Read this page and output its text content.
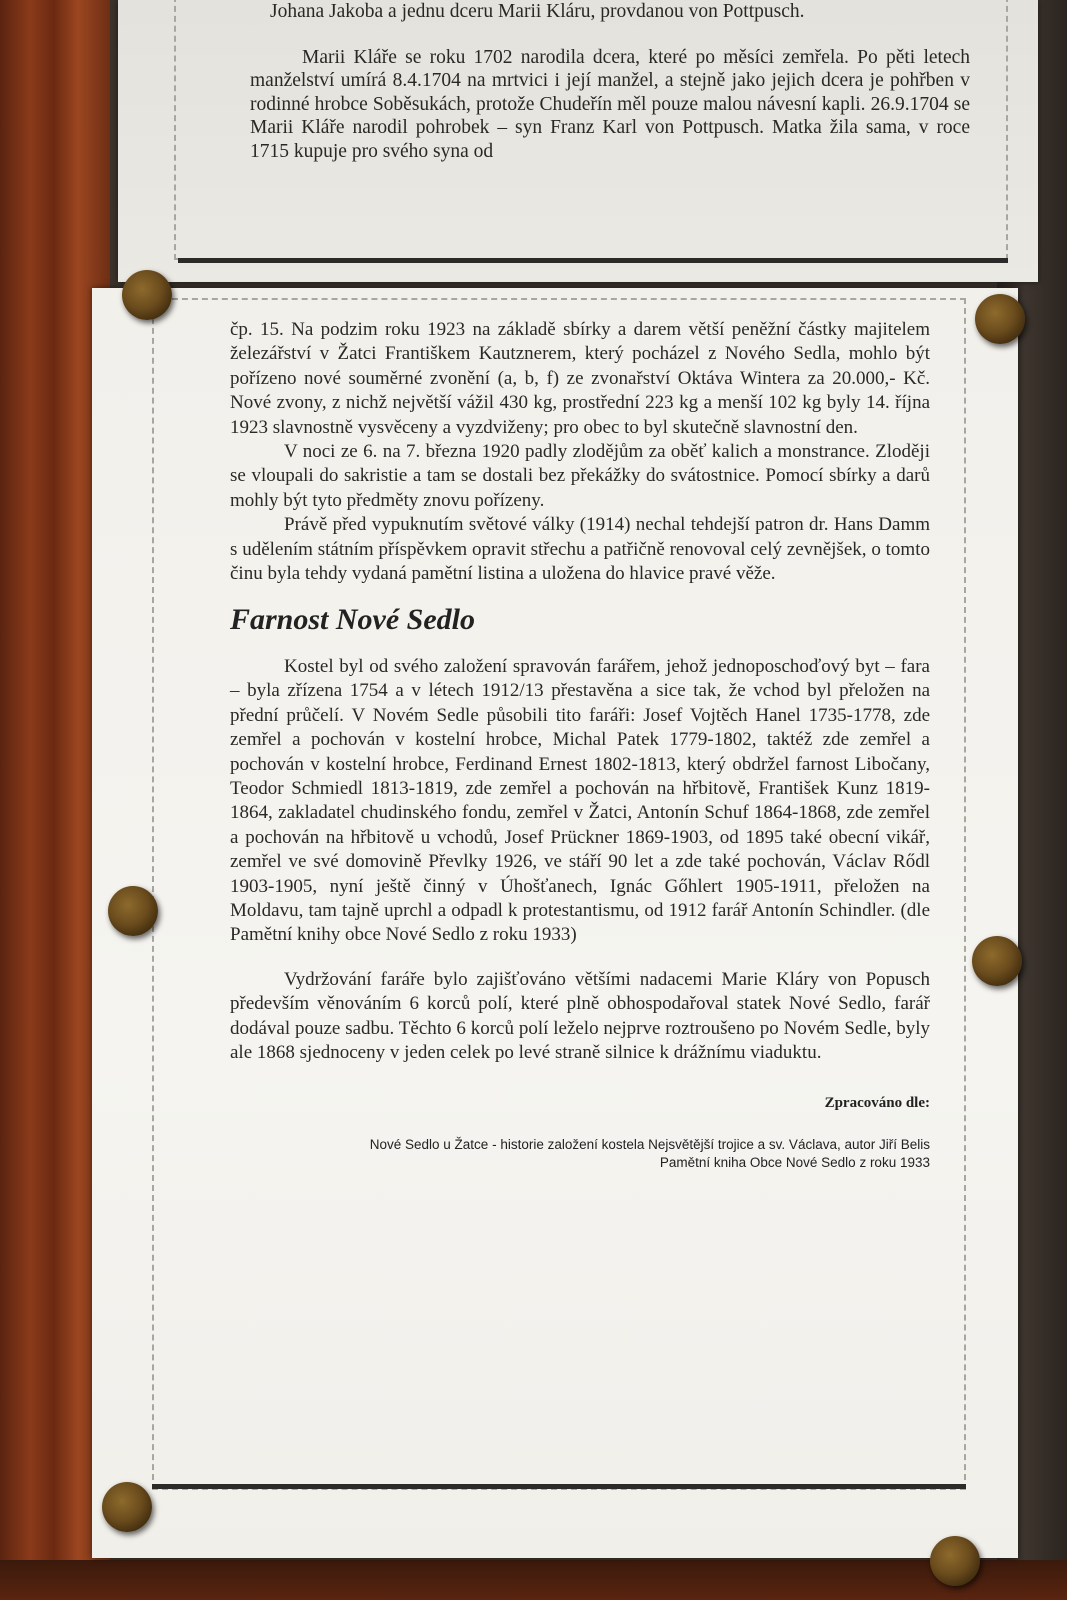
Johana Jakoba a jednu dceru Marii Kláru, provdanou von Pottpusch.

Marii Kláře se roku 1702 narodila dcera, které po měsíci zemřela. Po pěti letech manželství umírá 8.4.1704 na mrtvici i její manžel, a stejně jako jejich dcera je pohřben v rodinné hrobce Soběsukách, protože Chudeřín měl pouze malou návesní kapli. 26.9.1704 se Marii Kláře narodil pohrobek – syn Franz Karl von Pottpusch. Matka žila sama, v roce 1715 kupuje pro svého syna od

čp. 15. Na podzim roku 1923 na základě sbírky a darem větší peněžní částky majitelem železářství v Žatci Františkem Kautznerem, který pocházel z Nového Sedla, mohlo být pořízeno nové souměrné zvonění (a, b, f) ze zvonařství Oktáva Wintera za 20.000,- Kč. Nové zvony, z nichž největší vážil 430 kg, prostřední 223 kg a menší 102 kg byly 14. října 1923 slavnostně vysvěceny a vyzdviženy; pro obec to byl skutečně slavnostní den.

V noci ze 6. na 7. března 1920 padly zlodějům za oběť kalich a monstrance. Zloději se vloupali do sakristie a tam se dostali bez překážky do svátostnice. Pomocí sbírky a darů mohly být tyto předměty znovu pořízeny.

Právě před vypuknutím světové války (1914) nechal tehdejší patron dr. Hans Damm s udělením státním příspěvkem opravit střechu a patřičně renovoval celý zevnějšek, o tomto činu byla tehdy vydaná pamětní listina a uložena do hlavice pravé věže.

Farnost Nové Sedlo

Kostel byl od svého založení spravován farářem, jehož jednoposchoďový byt – fara – byla zřízena 1754 a v létech 1912/13 přestavěna a sice tak, že vchod byl přeložen na přední průčelí. V Novém Sedle působili tito faráři: Josef Vojtěch Hanel 1735-1778, zde zemřel a pochován v kostelní hrobce, Michal Patek 1779-1802, taktéž zde zemřel a pochován v kostelní hrobce, Ferdinand Ernest 1802-1813, který obdržel farnost Libočany, Teodor Schmiedl 1813-1819, zde zemřel a pochován na hřbitově, František Kunz 1819-1864, zakladatel chudinského fondu, zemřel v Žatci, Antonín Schuf 1864-1868, zde zemřel a pochován na hřbitově u vchodů, Josef Prückner 1869-1903, od 1895 také obecní vikář, zemřel ve své domovině Převlky 1926, ve stáří 90 let a zde také pochován, Václav Rődl 1903-1905, nyní ještě činný v Úhošťanech, Ignác Gőhlert 1905-1911, přeložen na Moldavu, tam tajně uprchl a odpadl k protestantismu, od 1912 farář Antonín Schindler. (dle Pamětní knihy obce Nové Sedlo z roku 1933)

Vydržování faráře bylo zajišťováno většími nadacemi Marie Kláry von Popusch především věnováním 6 korců polí, které plně obhospodařoval statek Nové Sedlo, farář dodával pouze sadbu. Těchto 6 korců polí leželo nejprve roztroušeno po Novém Sedle, byly ale 1868 sjednoceny v jeden celek po levé straně silnice k drážnímu viaduktu.

Zpracováno dle:
Nové Sedlo u Žatce - historie založení kostela Nejsvětější trojice a sv. Václava, autor Jiří Belis
Pamětní kniha Obce Nové Sedlo z roku 1933
